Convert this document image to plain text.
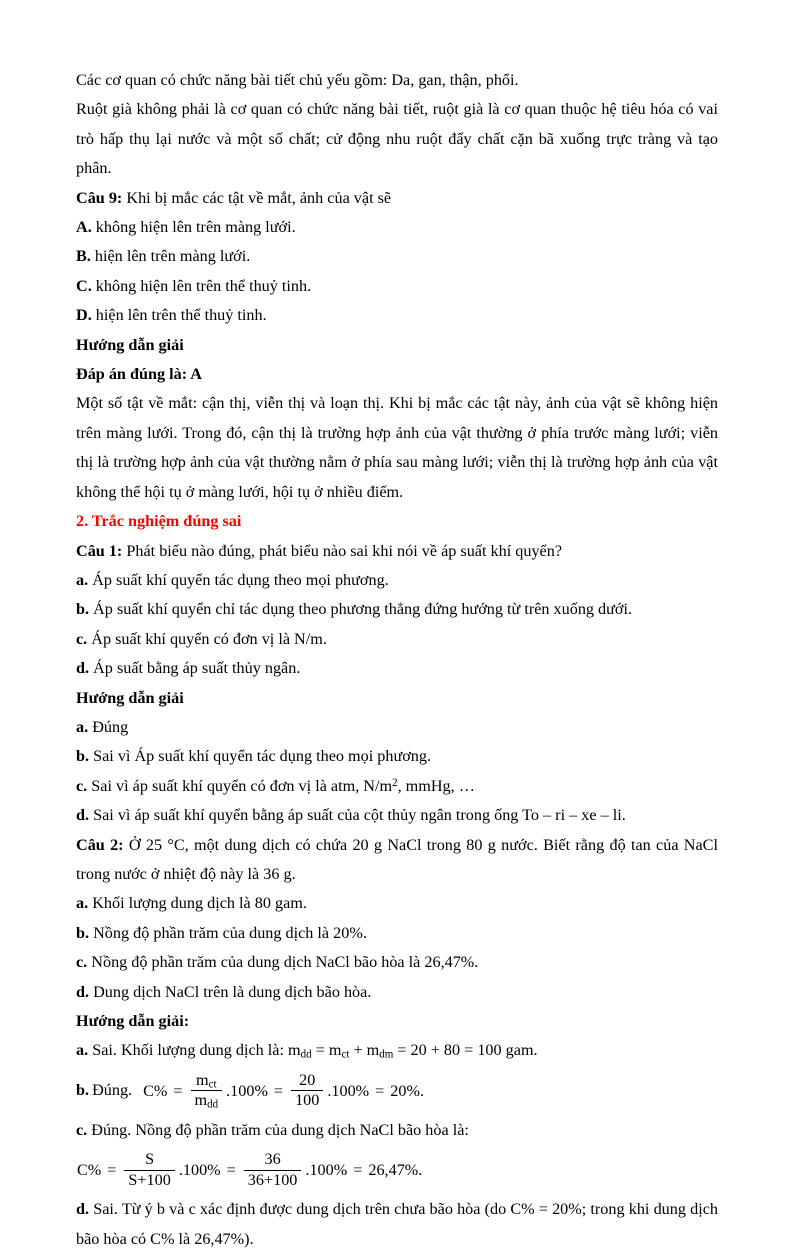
Các cơ quan có chức năng bài tiết chủ yếu gồm: Da, gan, thận, phổi.

Ruột già không phải là cơ quan có chức năng bài tiết, ruột già là cơ quan thuộc hệ tiêu hóa có vai trò hấp thụ lại nước và một số chất; cử động nhu ruột đẩy chất cặn bã xuống trực tràng và tạo phân.

Câu 9: Khi bị mắc các tật về mắt, ảnh của vật sẽ

A. không hiện lên trên màng lưới.

B. hiện lên trên màng lưới.

C. không hiện lên trên thể thuỷ tinh.

D. hiện lên trên thể thuỷ tinh.

Hướng dẫn giải

Đáp án đúng là: A

Một số tật về mắt: cận thị, viễn thị và loạn thị. Khi bị mắc các tật này, ảnh của vật sẽ không hiện trên màng lưới. Trong đó, cận thị là trường hợp ảnh của vật thường ở phía trước màng lưới; viễn thị là trường hợp ảnh của vật thường nằm ở phía sau màng lưới; viễn thị là trường hợp ảnh của vật không thể hội tụ ở màng lưới, hội tụ ở nhiều điểm.

2. Trắc nghiệm đúng sai

Câu 1: Phát biểu nào đúng, phát biểu nào sai khi nói về áp suất khí quyển?

a. Áp suất khí quyển tác dụng theo mọi phương.

b. Áp suất khí quyển chỉ tác dụng theo phương thẳng đứng hướng từ trên xuống dưới.

c. Áp suất khí quyển có đơn vị là N/m.

d. Áp suất bằng áp suất thủy ngân.

Hướng dẫn giải

a. Đúng

b. Sai vì Áp suất khí quyển tác dụng theo mọi phương.

c. Sai vì áp suất khí quyển có đơn vị là atm, $N/m^2$, mmHg, …

d. Sai vì áp suất khí quyển bằng áp suất của cột thủy ngân trong ống To – ri – xe – li.

Câu 2: Ở 25 °C, một dung dịch có chứa 20 g NaCl trong 80 g nước. Biết rằng độ tan của NaCl trong nước ở nhiệt độ này là 36 g.

a. Khối lượng dung dịch là 80 gam.

b. Nồng độ phần trăm của dung dịch là 20%.

c. Nồng độ phần trăm của dung dịch NaCl bão hòa là 26,47%.

d. Dung dịch NaCl trên là dung dịch bão hòa.

Hướng dẫn giải:

a. Sai. Khối lượng dung dịch là: $m_{dd} = m_{ct} + m_{dm} = 20 + 80 = 100$ gam.

b. Đúng. $C\% = \frac{m_{ct}}{m_{dd}} .100\% = \frac{20}{100} .100\% = 20\%$.

c. Đúng. Nồng độ phần trăm của dung dịch NaCl bão hòa là:

$C\% = \frac{S}{S+100} .100\% = \frac{36}{36+100} .100\% = 26,47\%$.

d. Sai. Từ ý b và c xác định được dung dịch trên chưa bão hòa (do C% = 20%; trong khi dung dịch bão hòa có C% là 26,47%).
